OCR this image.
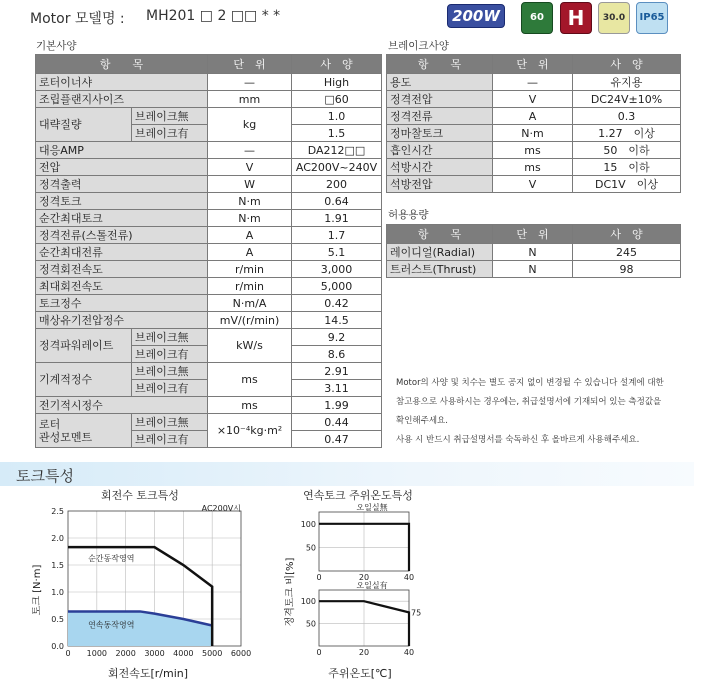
Motor 모델명 : MH201 □ 2 □□ * *	200W	60	H	30.0	IP65
기본사양
항　　목		단　위	사　양
로터이너샤		—	High
조립플랜지사이즈		mm	□60
대략질량	브레이크無	kg	1.0
	브레이크有		1.5
대응AMP		—	DA212□□
전압		V	AC200V~240V
정격출력		W	200
정격토크		N·m	0.64
순간최대토크		N·m	1.91
정격전류(스톨전류)		A	1.7
순간최대전류		A	5.1
정격회전속도		r/min	3,000
최대회전속도		r/min	5,000
토크정수		N·m/A	0.42
매상유기전압정수		mV/(r/min)	14.5
정격파워레이트	브레이크無	kW/s	9.2
	브레이크有		8.6
기계적정수	브레이크無	ms	2.91
	브레이크有		3.11
전기적시정수		ms	1.99
로터
관성모멘트	브레이크無	×10⁻⁴kg·m²	0.44
	브레이크有		0.47
브레이크사양
항　　목	단　위	사　양
용도	—	유지용
정격전압	V	DC24V±10%
정격전류	A	0.3
정마찰토크	N·m	1.27　이상
흡인시간	ms	50　이하
석방시간	ms	15　이하
석방전압	V	DC1V　이상
허용용량
항　　목	단　위	사　양
레이디얼(Radial)	N	245
트러스트(Thrust)	N	98
Motor의 사양 및 치수는 별도 공지 없이 변경될 수 있습니다 설계에 대한
참고용으로 사용하시는 경우에는, 취급설명서에 기재되어 있는 측정값을
확인해주세요.
사용 시 반드시 취급설명서를 숙독하신 후 올바르게 사용해주세요.
토크특성
회전수 토크특성
AC200V시
순간동작영역
연속동작영역
0 1000 2000 3000 4000 5000 6000
0.0
0.5
1.0
1.5
2.0
2.5
회전속도[r/min]
토크 [N·m]
연속토크 주위온도특성
오일실無
50
100
0	20	40
오일실有
50
100
0	20	40
75
주위온도[℃]
정격토크 비[%]
